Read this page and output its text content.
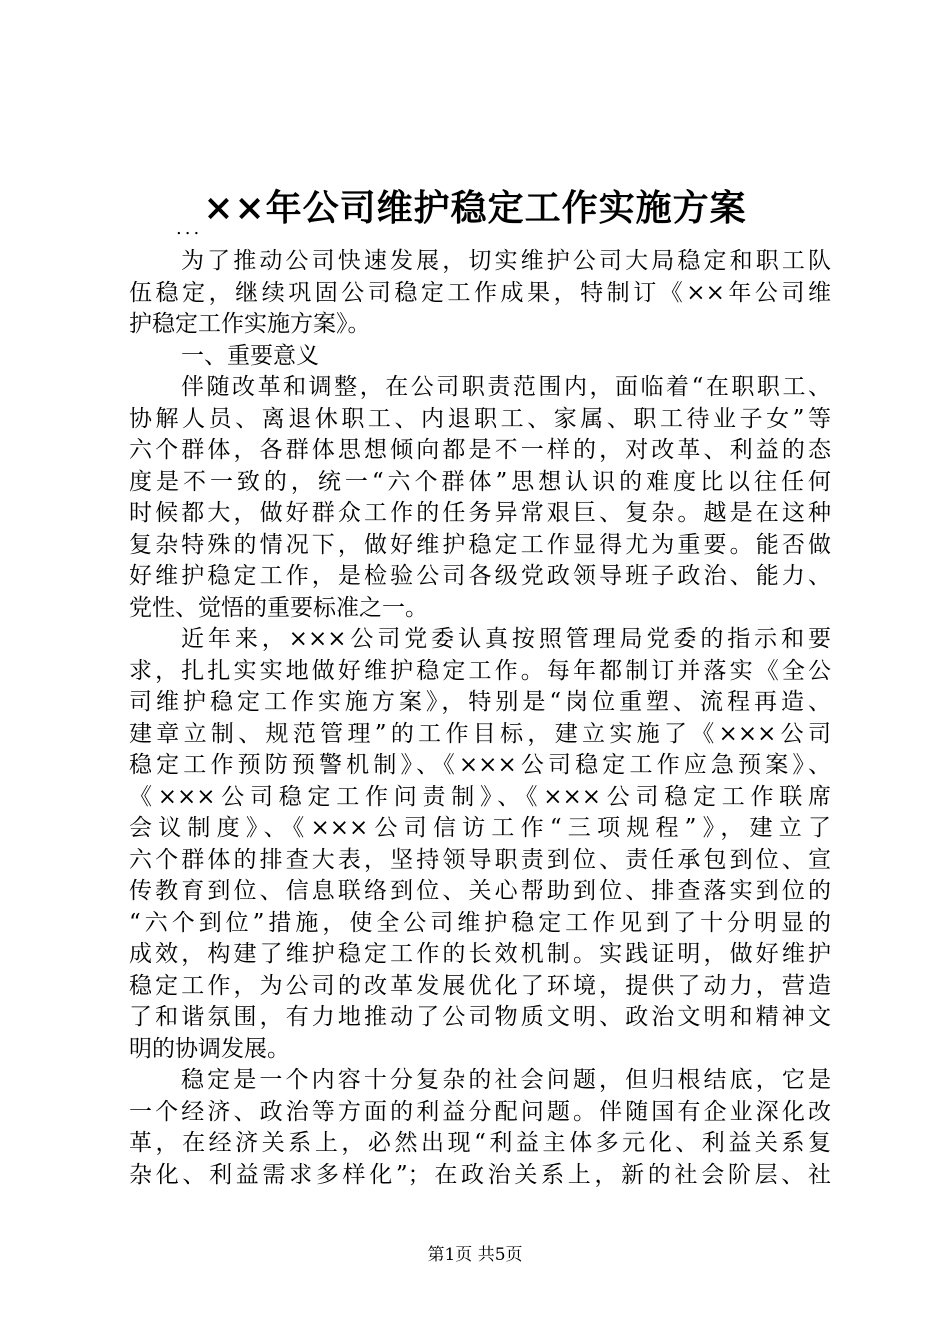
××年公司维护稳定工作实施方案
...
为了推动公司快速发展，切实维护公司大局稳定和职工队
伍稳定，继续巩固公司稳定工作成果，特制订《××年公司维
护稳定工作实施方案》。
一、重要意义
伴随改革和调整，在公司职责范围内，面临着“在职职工、
协解人员、离退休职工、内退职工、家属、职工待业子女”等
六个群体，各群体思想倾向都是不一样的，对改革、利益的态
度是不一致的，统一“六个群体”思想认识的难度比以往任何
时候都大，做好群众工作的任务异常艰巨、复杂。越是在这种
复杂特殊的情况下，做好维护稳定工作显得尤为重要。能否做
好维护稳定工作，是检验公司各级党政领导班子政治、能力、
党性、觉悟的重要标准之一。
近年来，×××公司党委认真按照管理局党委的指示和要
求，扎扎实实地做好维护稳定工作。每年都制订并落实《全公
司维护稳定工作实施方案》，特别是“岗位重塑、流程再造、
建章立制、规范管理”的工作目标，建立实施了《×××公司
稳定工作预防预警机制》、《×××公司稳定工作应急预案》、
《×××公司稳定工作问责制》、《×××公司稳定工作联席
会议制度》、《×××公司信访工作“三项规程”》，建立了
六个群体的排查大表，坚持领导职责到位、责任承包到位、宣
传教育到位、信息联络到位、关心帮助到位、排查落实到位的
“六个到位”措施，使全公司维护稳定工作见到了十分明显的
成效，构建了维护稳定工作的长效机制。实践证明，做好维护
稳定工作，为公司的改革发展优化了环境，提供了动力，营造
了和谐氛围，有力地推动了公司物质文明、政治文明和精神文
明的协调发展。
稳定是一个内容十分复杂的社会问题，但归根结底，它是
一个经济、政治等方面的利益分配问题。伴随国有企业深化改
革，在经济关系上，必然出现“利益主体多元化、利益关系复
杂化、利益需求多样化”；在政治关系上，新的社会阶层、社
第1页 共5页
